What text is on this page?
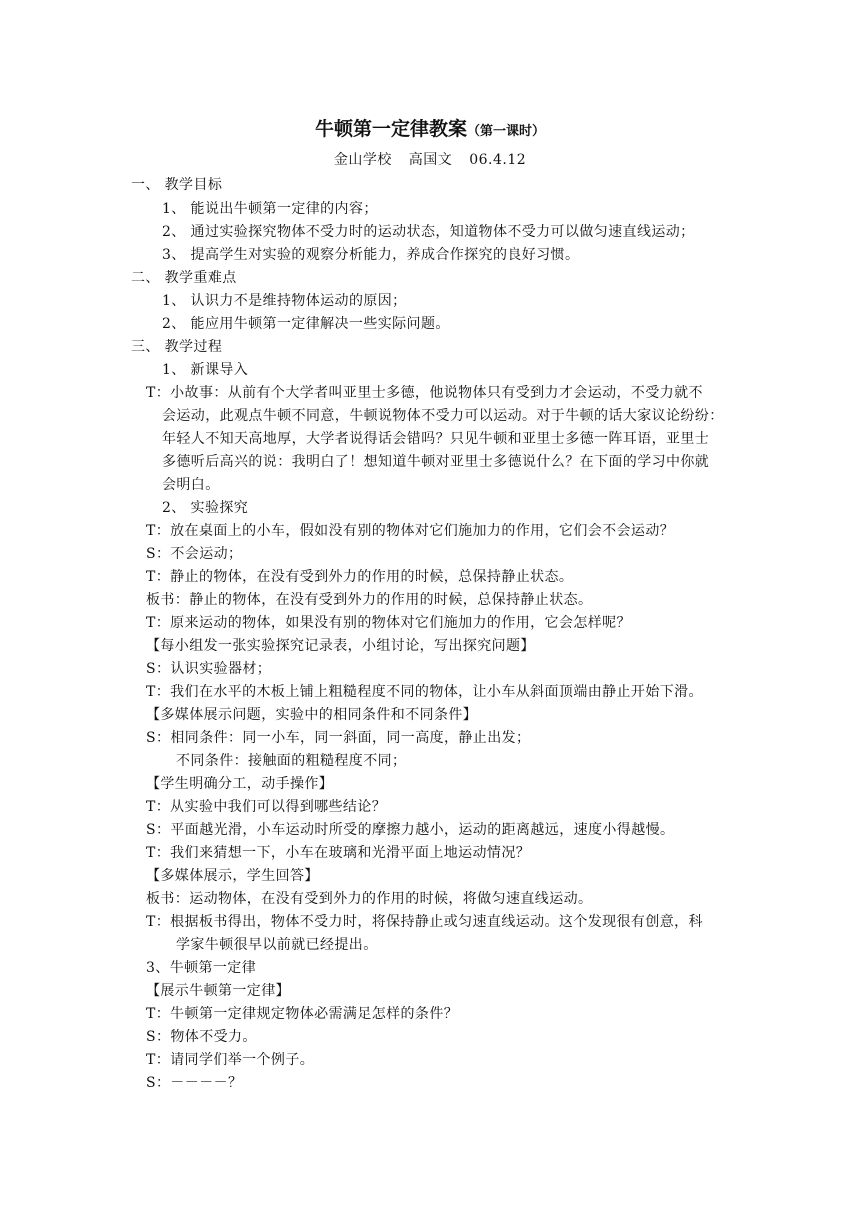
牛顿第一定律教案（第一课时）
金山学校 高国文 06.4.12
一、 教学目标
1、 能说出牛顿第一定律的内容；
2、 通过实验探究物体不受力时的运动状态，知道物体不受力可以做匀速直线运动；
3、 提高学生对实验的观察分析能力，养成合作探究的良好习惯。
二、 教学重难点
1、 认识力不是维持物体运动的原因；
2、 能应用牛顿第一定律解决一些实际问题。
三、 教学过程
1、 新课导入
T：小故事：从前有个大学者叫亚里士多德，他说物体只有受到力才会运动，不受力就不
会运动，此观点牛顿不同意，牛顿说物体不受力可以运动。对于牛顿的话大家议论纷纷：
年轻人不知天高地厚，大学者说得话会错吗？只见牛顿和亚里士多德一阵耳语，亚里士
多德听后高兴的说：我明白了！想知道牛顿对亚里士多德说什么？在下面的学习中你就
会明白。
2、 实验探究
T：放在桌面上的小车，假如没有别的物体对它们施加力的作用，它们会不会运动？
S：不会运动；
T：静止的物体，在没有受到外力的作用的时候，总保持静止状态。
板书：静止的物体，在没有受到外力的作用的时候，总保持静止状态。
T：原来运动的物体，如果没有别的物体对它们施加力的作用，它会怎样呢？
【每小组发一张实验探究记录表，小组讨论，写出探究问题】
S：认识实验器材；
T：我们在水平的木板上铺上粗糙程度不同的物体，让小车从斜面顶端由静止开始下滑。
【多媒体展示问题，实验中的相同条件和不同条件】
S：相同条件：同一小车，同一斜面，同一高度，静止出发；
不同条件：接触面的粗糙程度不同；
【学生明确分工，动手操作】
T：从实验中我们可以得到哪些结论？
S：平面越光滑，小车运动时所受的摩擦力越小，运动的距离越远，速度小得越慢。
T：我们来猜想一下，小车在玻璃和光滑平面上地运动情况？
【多媒体展示，学生回答】
板书：运动物体，在没有受到外力的作用的时候，将做匀速直线运动。
T：根据板书得出，物体不受力时，将保持静止或匀速直线运动。这个发现很有创意，科
学家牛顿很早以前就已经提出。
3、牛顿第一定律
【展示牛顿第一定律】
T：牛顿第一定律规定物体必需满足怎样的条件？
S：物体不受力。
T：请同学们举一个例子。
S：－－－－？
